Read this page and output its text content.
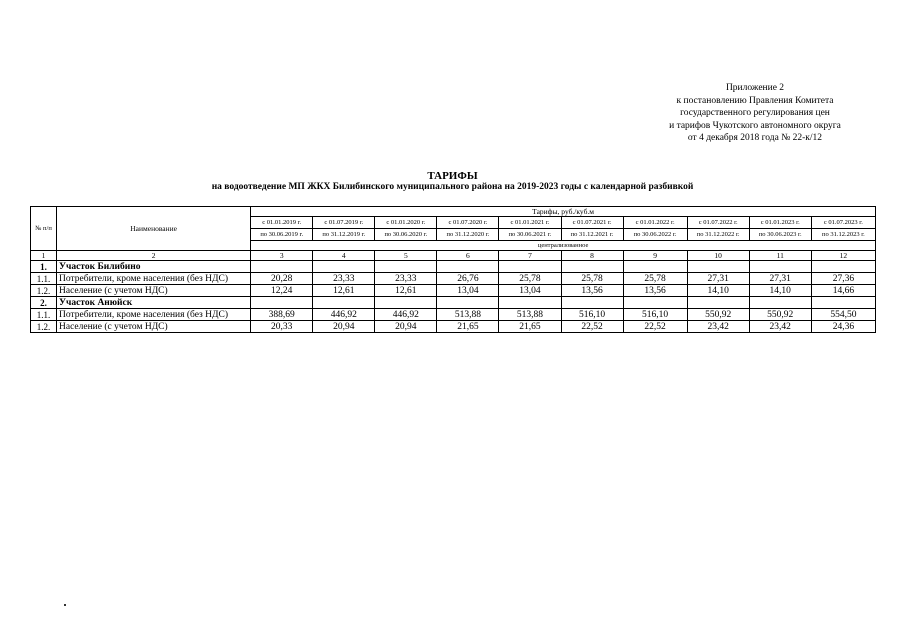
Приложение 2
к постановлению Правления Комитета
государственного регулирования цен
и тарифов Чукотского автономного округа
от 4 декабря 2018 года № 22-к/12
ТАРИФЫ
на водоотведение МП ЖКХ Билибинского муниципального района на 2019-2023 годы с календарной разбивкой
№ п/п	Наименование	Тарифы, руб./куб.м									
		с 01.01.2019 г.	с 01.07.2019 г.	с 01.01.2020 г.	с 01.07.2020 г.	с 01.01.2021 г.	с 01.07.2021 г.	с 01.01.2022 г.	с 01.07.2022 г.	с 01.01.2023 г.	с 01.07.2023 г.
		по 30.06.2019 г.	по 31.12.2019 г.	по 30.06.2020 г.	по 31.12.2020 г.	по 30.06.2021 г.	по 31.12.2021 г.	по 30.06.2022 г.	по 31.12.2022 г.	по 30.06.2023 г.	по 31.12.2023 г.
		централизованное									
1	2	3	4	5	6	7	8	9	10	11	12
1.	Участок Билибино										
1.1.	Потребители, кроме населения (без НДС)	20,28	23,33	23,33	26,76	25,78	25,78	25,78	27,31	27,31	27,36
1.2.	Население (с учетом НДС)	12,24	12,61	12,61	13,04	13,04	13,56	13,56	14,10	14,10	14,66
2.	Участок Анюйск										
1.1.	Потребители, кроме населения (без НДС)	388,69	446,92	446,92	513,88	513,88	516,10	516,10	550,92	550,92	554,50
1.2.	Население (с учетом НДС)	20,33	20,94	20,94	21,65	21,65	22,52	22,52	23,42	23,42	24,36
